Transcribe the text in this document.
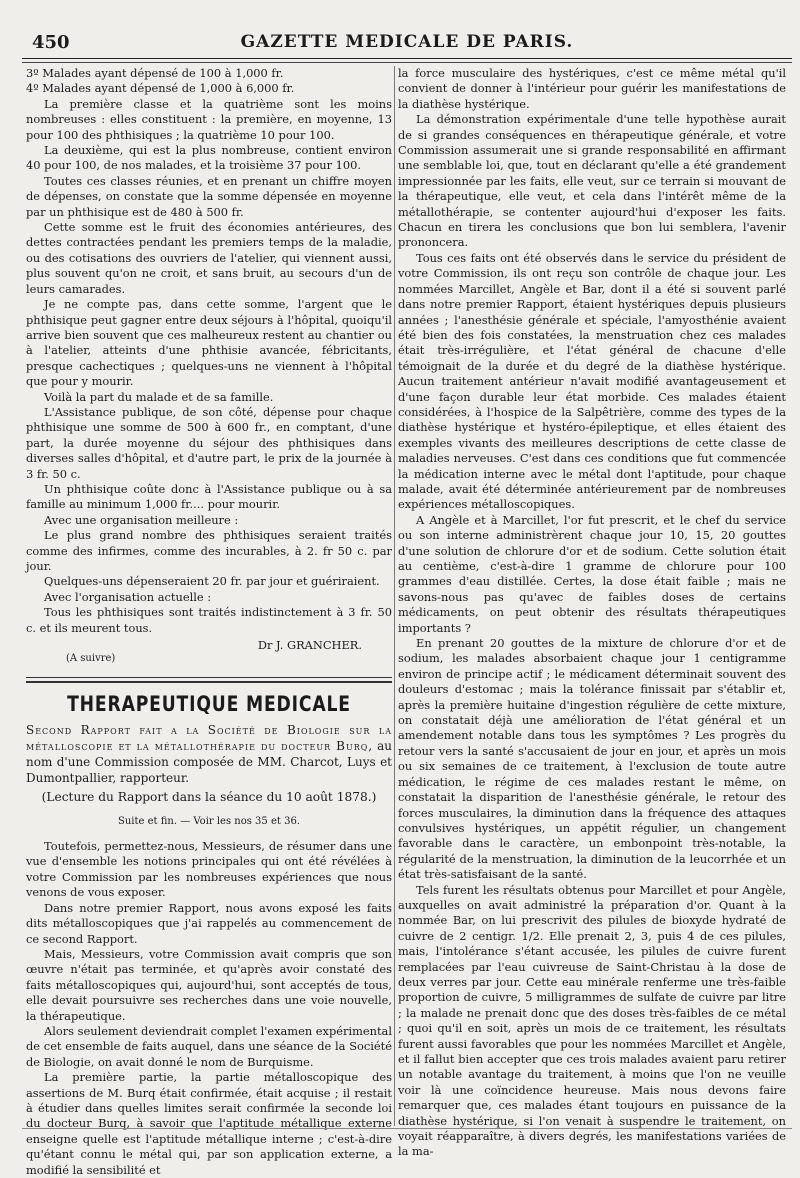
450	GAZETTE MEDICALE DE PARIS.

3º Malades ayant dépensé de 100 à 1,000 fr.

4º Malades ayant dépensé de 1,000 à 6,000 fr.

La première classe et la quatrième sont les moins nombreuses : elles constituent : la première, en moyenne, 13 pour 100 des phthisiques ; la quatrième 10 pour 100.

La deuxième, qui est la plus nombreuse, contient environ 40 pour 100, de nos malades, et la troisième 37 pour 100.

Toutes ces classes réunies, et en prenant un chiffre moyen de dépenses, on constate que la somme dépensée en moyenne par un phthisique est de 480 à 500 fr.

Cette somme est le fruit des économies antérieures, des dettes contractées pendant les premiers temps de la maladie, ou des cotisations des ouvriers de l'atelier, qui viennent aussi, plus souvent qu'on ne croit, et sans bruit, au secours d'un de leurs camarades.

Je ne compte pas, dans cette somme, l'argent que le phthisique peut gagner entre deux séjours à l'hôpital, quoiqu'il arrive bien souvent que ces malheureux restent au chantier ou à l'atelier, atteints d'une phthisie avancée, fébricitants, presque cachectiques ; quelques-uns ne viennent à l'hôpital que pour y mourir.

Voilà la part du malade et de sa famille.

L'Assistance publique, de son côté, dépense pour chaque phthisique une somme de 500 à 600 fr., en comptant, d'une part, la durée moyenne du séjour des phthisiques dans diverses salles d'hôpital, et d'autre part, le prix de la journée à 3 fr. 50 c.

Un phthisique coûte donc à l'Assistance publique ou à sa famille au minimum 1,000 fr.... pour mourir.

Avec une organisation meilleure :

Le plus grand nombre des phthisiques seraient traités comme des infirmes, comme des incurables, à 2. fr 50 c. par jour.

Quelques-uns dépenseraient 20 fr. par jour et guériraient.

Avec l'organisation actuelle :

Tous les phthisiques sont traités indistinctement à 3 fr. 50 c. et ils meurent tous.

Dr J. GRANCHER.
(A suivre)
THERAPEUTIQUE MEDICALE

Second Rapport fait a la Société de Biologie sur la métalloscopie et la métallothérapie du docteur Burq, au nom d'une Commission composée de MM. Charcot, Luys et Dumontpallier, rapporteur.

(Lecture du Rapport dans la séance du 10 août 1878.)

Suite et fin. — Voir les nos 35 et 36.

Toutefois, permettez-nous, Messieurs, de résumer dans une vue d'ensemble les notions principales qui ont été révélées à votre Commission par les nombreuses expériences que nous venons de vous exposer.

Dans notre premier Rapport, nous avons exposé les faits dits métalloscopiques que j'ai rappelés au commencement de ce second Rapport.

Mais, Messieurs, votre Commission avait compris que son œuvre n'était pas terminée, et qu'après avoir constaté des faits métalloscopiques qui, aujourd'hui, sont acceptés de tous, elle devait poursuivre ses recherches dans une voie nouvelle, la thérapeutique.

Alors seulement deviendrait complet l'examen expérimental de cet ensemble de faits auquel, dans une séance de la Société de Biologie, on avait donné le nom de Burquisme.

La première partie, la partie métalloscopique des assertions de M. Burq était confirmée, était acquise ; il restait à étudier dans quelles limites serait confirmée la seconde loi du docteur Burq, à savoir que l'aptitude métallique externe enseigne quelle est l'aptitude métallique interne ; c'est-à-dire qu'étant connu le métal qui, par son application externe, a modifié la sensibilité et

la force musculaire des hystériques, c'est ce même métal qu'il convient de donner à l'intérieur pour guérir les manifestations de la diathèse hystérique.

La démonstration expérimentale d'une telle hypothèse aurait de si grandes conséquences en thérapeutique générale, et votre Commission assumerait une si grande responsabilité en affirmant une semblable loi, que, tout en déclarant qu'elle a été grandement impressionnée par les faits, elle veut, sur ce terrain si mouvant de la thérapeutique, elle veut, et cela dans l'intérêt même de la métallothérapie, se contenter aujourd'hui d'exposer les faits. Chacun en tirera les conclusions que bon lui semblera, l'avenir prononcera.

Tous ces faits ont été observés dans le service du président de votre Commission, ils ont reçu son contrôle de chaque jour. Les nommées Marcillet, Angèle et Bar, dont il a été si souvent parlé dans notre premier Rapport, étaient hystériques depuis plusieurs années ; l'anesthésie générale et spéciale, l'amyosthénie avaient été bien des fois constatées, la menstruation chez ces malades était très-irrégulière, et l'état général de chacune d'elle témoignait de la durée et du degré de la diathèse hystérique. Aucun traitement antérieur n'avait modifié avantageusement et d'une façon durable leur état morbide. Ces malades étaient considérées, à l'hospice de la Salpêtrière, comme des types de la diathèse hystérique et hystéro-épileptique, et elles étaient des exemples vivants des meilleures descriptions de cette classe de maladies nerveuses. C'est dans ces conditions que fut commencée la médication interne avec le métal dont l'aptitude, pour chaque malade, avait été déterminée antérieurement par de nombreuses expériences métalloscopiques.

A Angèle et à Marcillet, l'or fut prescrit, et le chef du service ou son interne administrèrent chaque jour 10, 15, 20 gouttes d'une solution de chlorure d'or et de sodium. Cette solution était au centième, c'est-à-dire 1 gramme de chlorure pour 100 grammes d'eau distillée. Certes, la dose était faible ; mais ne savons-nous pas qu'avec de faibles doses de certains médicaments, on peut obtenir des résultats thérapeutiques importants ?

En prenant 20 gouttes de la mixture de chlorure d'or et de sodium, les malades absorbaient chaque jour 1 centigramme environ de principe actif ; le médicament déterminait souvent des douleurs d'estomac ; mais la tolérance finissait par s'établir et, après la première huitaine d'ingestion régulière de cette mixture, on constatait déjà une amélioration de l'état général et un amendement notable dans tous les symptômes ? Les progrès du retour vers la santé s'accusaient de jour en jour, et après un mois ou six semaines de ce traitement, à l'exclusion de toute autre médication, le régime de ces malades restant le même, on constatait la disparition de l'anesthésie générale, le retour des forces musculaires, la diminution dans la fréquence des attaques convulsives hystériques, un appétit régulier, un changement favorable dans le caractère, un embonpoint très-notable, la régularité de la menstruation, la diminution de la leucorrhée et un état très-satisfaisant de la santé.

Tels furent les résultats obtenus pour Marcillet et pour Angèle, auxquelles on avait administré la préparation d'or. Quant à la nommée Bar, on lui prescrivit des pilules de bioxyde hydraté de cuivre de 2 centigr. 1/2. Elle prenait 2, 3, puis 4 de ces pilules, mais, l'intolérance s'étant accusée, les pilules de cuivre furent remplacées par l'eau cuivreuse de Saint-Christau à la dose de deux verres par jour. Cette eau minérale renferme une très-faible proportion de cuivre, 5 milligrammes de sulfate de cuivre par litre ; la malade ne prenait donc que des doses très-faibles de ce métal ; quoi qu'il en soit, après un mois de ce traitement, les résultats furent aussi favorables que pour les nommées Marcillet et Angèle, et il fallut bien accepter que ces trois malades avaient paru retirer un notable avantage du traitement, à moins que l'on ne veuille voir là une coïncidence heureuse. Mais nous devons faire remarquer que, ces malades étant toujours en puissance de la diathèse hystérique, si l'on venait à suspendre le traitement, on voyait réapparaître, à divers degrés, les manifestations variées de la ma-
